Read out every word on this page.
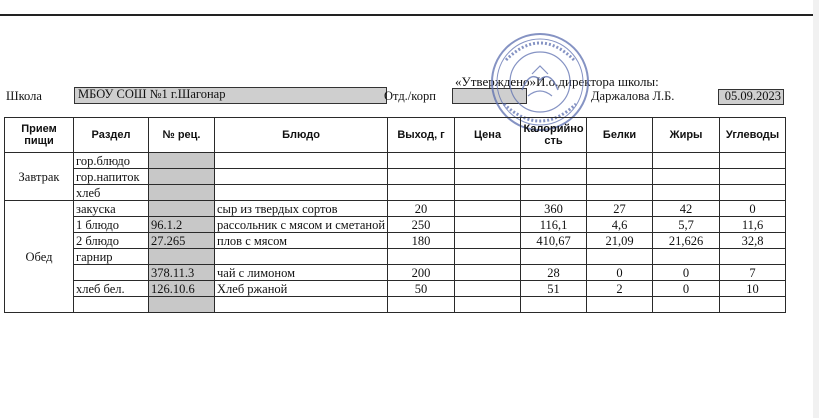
Школа	МБОУ СОШ №1 г.Шагонар	Отд./корп
«Утверждено»И.о.директора школы:
Даржалова Л.Б.	05.09.2023
Прием пищи	Раздел	№ рец.	Блюдо	Выход, г	Цена	Калорийность	Белки	Жиры	Углеводы
Завтрак	гор.блюдо								
	гор.напиток								
	хлеб								
Обед	закуска		сыр из твердых сортов	20		360	27	42	0
	1 блюдо	96.1.2	рассольник с мясом и сметаной	250		116,1	4,6	5,7	11,6
	2 блюдо	27.265	плов с мясом	180		410,67	21,09	21,626	32,8
	гарнир								
		378.11.3	чай с лимоном	200		28	0	0	7
	хлеб бел.	126.10.6	Хлеб ржаной	50		51	2	0	10
